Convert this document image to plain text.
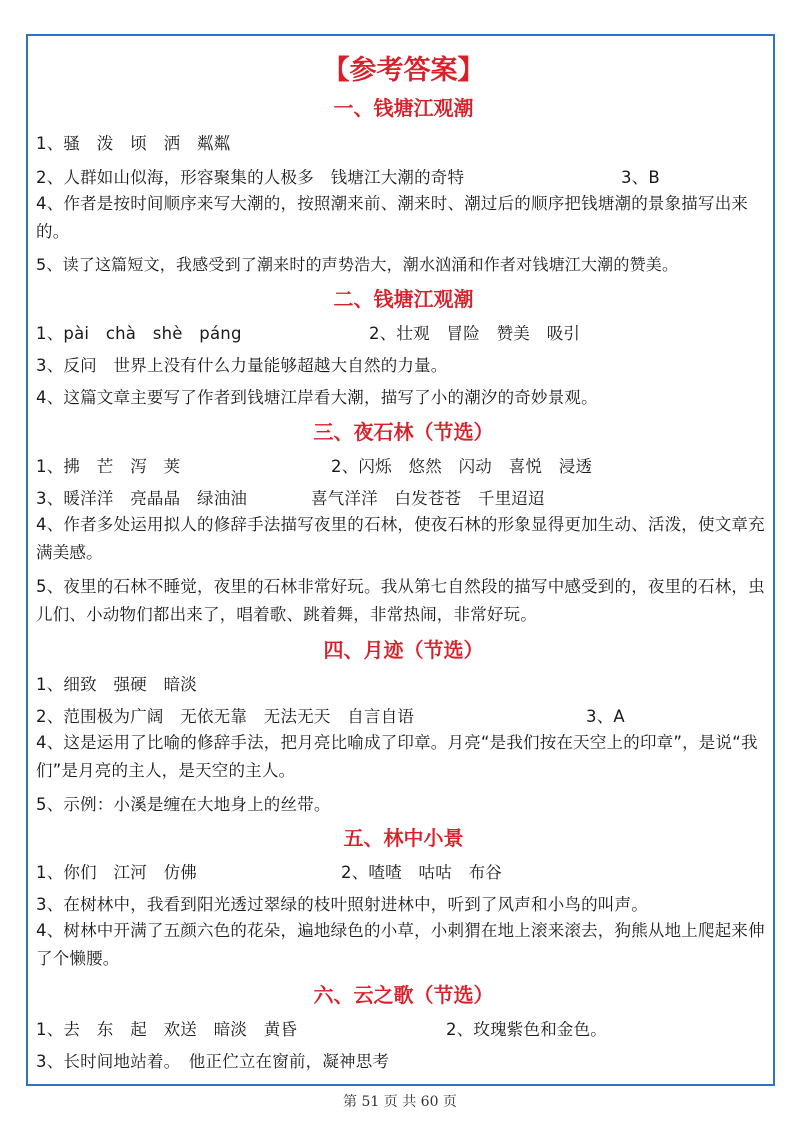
【参考答案】
一、钱塘江观潮
1、骚　泼　顷　洒　粼粼
2、人群如山似海，形容聚集的人极多　钱塘江大潮的奇特	3、B
4、作者是按时间顺序来写大潮的，按照潮来前、潮来时、潮过后的顺序把钱塘潮的景象描写出来的。
5、读了这篇短文，我感受到了潮来时的声势浩大，潮水汹涌和作者对钱塘江大潮的赞美。
二、钱塘江观潮
1、pài　chà　shè　páng	2、壮观　冒险　赞美　吸引
3、反问　世界上没有什么力量能够超越大自然的力量。
4、这篇文章主要写了作者到钱塘江岸看大潮，描写了小的潮汐的奇妙景观。
三、夜石林（节选）
1、拂　芒　泻　荚	2、闪烁　悠然　闪动　喜悦　浸透
3、暖洋洋　亮晶晶　绿油油	喜气洋洋　白发苍苍　千里迢迢
4、作者多处运用拟人的修辞手法描写夜里的石林，使夜石林的形象显得更加生动、活泼，使文章充满美感。
5、夜里的石林不睡觉，夜里的石林非常好玩。我从第七自然段的描写中感受到的，夜里的石林，虫儿们、小动物们都出来了，唱着歌、跳着舞，非常热闹，非常好玩。
四、月迹（节选）
1、细致　强硬　暗淡
2、范围极为广阔　无依无靠　无法无天　自言自语	3、A
4、这是运用了比喻的修辞手法，把月亮比喻成了印章。月亮“是我们按在天空上的印章”，是说“我们”是月亮的主人，是天空的主人。
5、示例：小溪是缠在大地身上的丝带。
五、林中小景
1、你们　江河　仿佛	2、喳喳　咕咕　布谷
3、在树林中，我看到阳光透过翠绿的枝叶照射进林中，听到了风声和小鸟的叫声。
4、树林中开满了五颜六色的花朵，遍地绿色的小草，小刺猬在地上滚来滚去，狗熊从地上爬起来伸了个懒腰。
六、云之歌（节选）
1、去　东　起　欢送　暗淡　黄昏	2、玫瑰紫色和金色。
3、长时间地站着。　他正伫立在窗前，凝神思考
第 51 页 共 60 页
